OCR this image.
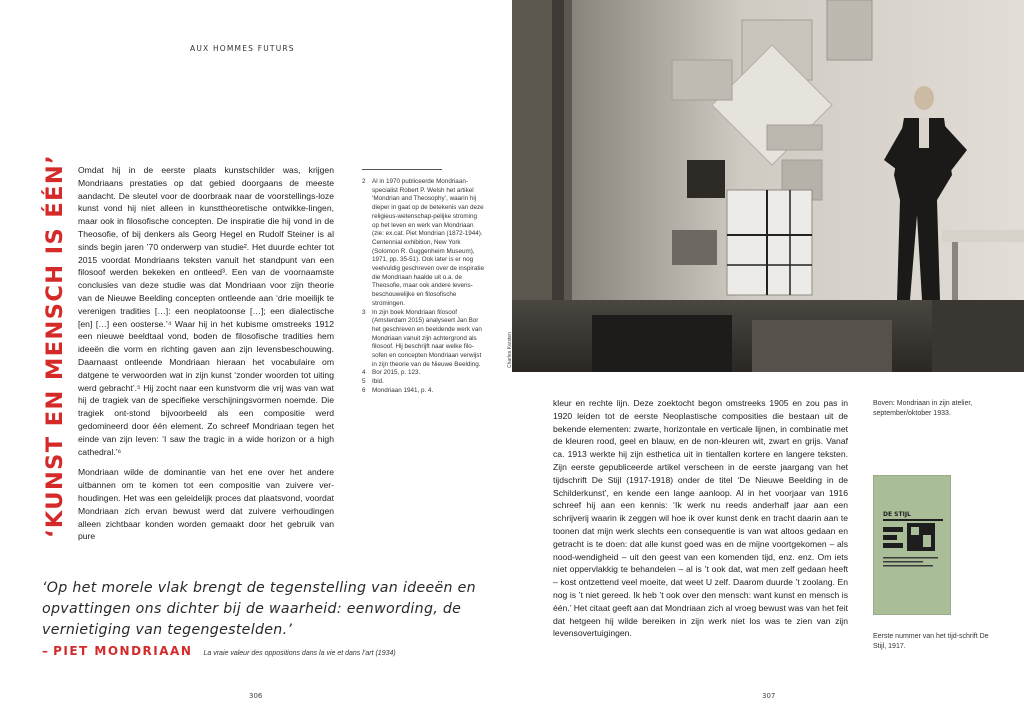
AUX HOMMES FUTURS
‘KUNST EN MENSCH IS ÉÉN’ Omdat hij in de eerste plaats kunstschilder was, krijgen Mondriaans prestaties op dat gebied doorgaans de meeste aandacht. De sleutel voor de doorbraak naar de voorstellings-loze kunst vond hij niet alleen in kunsttheoretische ontwikke-lingen, maar ook in filosofische concepten. De inspiratie die hij vond in de Theosofie, of bij denkers als Georg Hegel en Rudolf Steiner is al sinds begin jaren ’70 onderwerp van studie². Het duurde echter tot 2015 voordat Mondriaans teksten vanuit het standpunt van een filosoof werden bekeken en ontleed³. Een van de voornaamste conclusies van deze studie was dat Mondriaan voor zijn theorie van de Nieuwe Beelding concepten ontleende aan ‘drie moeilijk te verenigen tradities […]: een neoplatoonse […]; een dialectische [en] […] een oosterse.’⁴ Waar hij in het kubisme omstreeks 1912 een nieuwe beeldtaal vond, boden de filosofische tradities hem ideeën die vorm en richting gaven aan zijn levensbeschouwing. Daarnaast ontleende Mondriaan hieraan het vocabulaire om datgene te verwoorden wat in zijn kunst ‘zonder woorden tot uiting werd gebracht’.⁵ Hij zocht naar een kunstvorm die vrij was van wat hij de tragiek van de specifieke verschijningsvormen noemde. Die tragiek ont-stond bijvoorbeeld als een compositie werd gedomineerd door één element. Zo schreef Mondriaan tegen het einde van zijn leven: ‘I saw the tragic in a wide horizon or a high cathedral.’⁶

Mondriaan wilde de dominantie van het ene over het andere uitbannen om te komen tot een compositie van zuivere ver-houdingen. Het was een geleidelijk proces dat plaatsvond, voordat Mondriaan zich ervan bewust werd dat zuivere verhoudingen alleen zichtbaar konden worden gemaakt door het gebruik van pure

2	Al in 1970 publiceerde Mondriaan-specialist Robert P. Welsh het artikel ‘Mondrian and Theosophy’, waarin hij dieper in gaat op de betekenis van deze religieus-wetenschap-pelijke stroming op het leven en werk van Mondriaan (zie: ex.cat. Piet Mondrian (1872-1944). Centennial exhibition, New York (Solomon R. Guggenheim Museum), 1971, pp. 35-51). Ook later is er nog veelvuldig geschreven over de inspiratie die Mondriaan haalde uit o.a. de Theosofie, maar ook andere levens-beschouwelijke en filosofische stromingen.
3	In zijn boek Mondriaan filosoof (Amsterdam 2015) analyseert Jan Bor het geschreven en beeldende werk van Mondriaan vanuit zijn achtergrond als filosoof. Hij beschrijft naar welke filo-sofen en concepten Mondriaan verwijst in zijn theorie van de Nieuwe Beelding.
4	Bor 2015, p. 123.
5	Ibid.
6	Mondriaan 1941, p. 4.
‘Op het morele vlak brengt de tegenstelling van ideeën en opvattingen ons dichter bij de waarheid: eenwording, de vernietiging van tegengestelden.’
– PIET MONDRIAAN La vraie valeur des oppositions dans la vie et dans l’art (1934)
306	307
Charles Karsten

kleur en rechte lijn. Deze zoektocht begon omstreeks 1905 en zou pas in 1920 leiden tot de eerste Neoplastische composities die bestaan uit de bekende elementen: zwarte, horizontale en verticale lijnen, in combinatie met de kleuren rood, geel en blauw, en de non-kleuren wit, zwart en grijs. Vanaf ca. 1913 werkte hij zijn esthetica uit in tientallen kortere en langere teksten. Zijn eerste gepubliceerde artikel verscheen in de eerste jaargang van het tijdschrift De Stijl (1917-1918) onder de titel ‘De Nieuwe Beelding in de Schilderkunst’, en kende een lange aanloop. Al in het voorjaar van 1916 schreef hij aan een kennis: ‘Ik werk nu reeds anderhalf jaar aan een schrijverij waarin ik zeggen wil hoe ik over kunst denk en tracht daarin aan te toonen dat mijn werk slechts een consequentie is van wat altoos gedaan en getracht is te doen: dat alle kunst goed was en de mijne voortgekomen – als nood-wendigheid – uit den geest van een komenden tijd, enz. enz. Om iets niet oppervlakkig te behandelen – al is ’t ook dat, wat men zelf gedaan heeft – kost ontzettend veel moeite, dat weet U zelf. Daarom duurde ’t zoolang. En nog is ’t niet gereed. Ik heb ’t ook over den mensch: want kunst en mensch is één.’ Het citaat geeft aan dat Mondriaan zich al vroeg bewust was van het feit dat hetgeen hij wilde bereiken in zijn werk niet los was te zien van zijn levensovertuigingen.

Boven: Mondriaan in zijn atelier, september/oktober 1933.
DE STIJL
Eerste nummer van het tijd-schrift De Stijl, 1917.
